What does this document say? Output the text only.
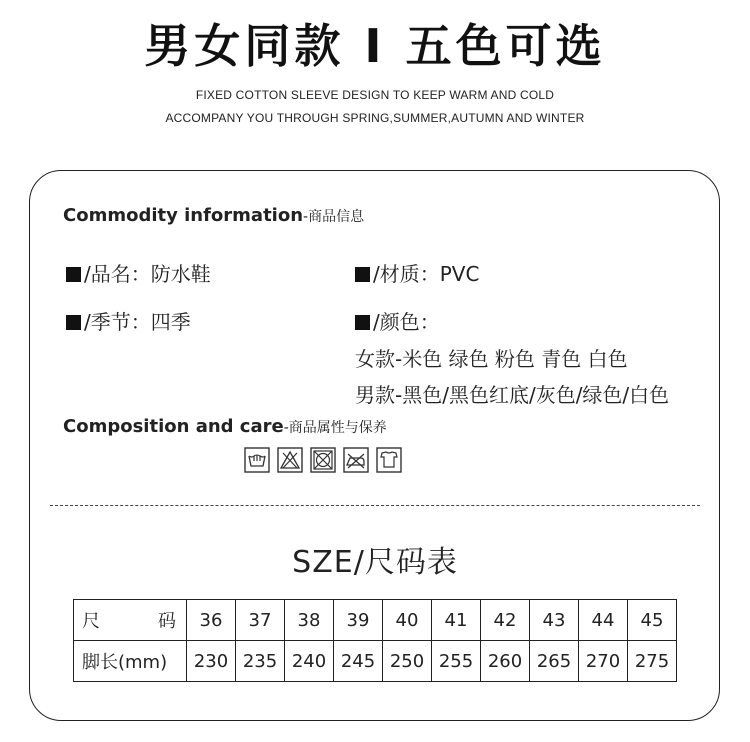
男女同款 I 五色可选
FIXED COTTON SLEEVE DESIGN TO KEEP WARM AND COLD
ACCOMPANY YOU THROUGH SPRING,SUMMER,AUTUMN AND WINTER
Commodity information-商品信息
/品名：防水鞋	/材质：PVC
/季节：四季	/颜色：
女款-米色 绿色 粉色 青色 白色
男款-黑色/黑色红底/灰色/绿色/白色
Composition and care-商品属性与保养
SZE/尺码表
尺 码	36	37	38	39	40	41	42	43	44	45
脚长(mm)	230	235	240	245	250	255	260	265	270	275
